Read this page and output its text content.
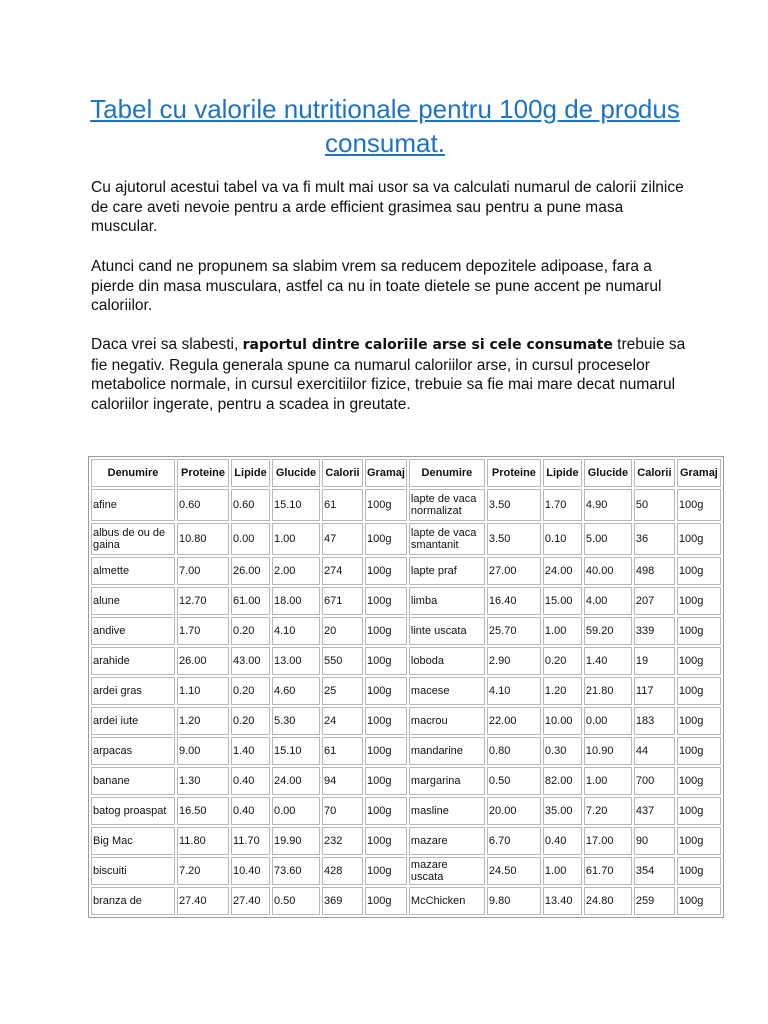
Tabel cu valorile nutritionale pentru 100g de produs consumat.

Cu ajutorul acestui tabel va va fi mult mai usor sa va calculati numarul de calorii zilnice de care aveti nevoie pentru a arde efficient grasimea sau pentru a pune masa muscular.

Atunci cand ne propunem sa slabim vrem sa reducem depozitele adipoase, fara a pierde din masa musculara, astfel ca nu in toate dietele se pune accent pe numarul caloriilor.

Daca vrei sa slabesti, raportul dintre caloriile arse si cele consumate trebuie sa fie negativ. Regula generala spune ca numarul caloriilor arse, in cursul proceselor metabolice normale, in cursul exercitiilor fizice, trebuie sa fie mai mare decat numarul caloriilor ingerate, pentru a scadea in greutate.

Denumire	Proteine	Lipide	Glucide	Calorii	Gramaj	Denumire	Proteine	Lipide	Glucide	Calorii	Gramaj
afine	0.60	0.60	15.10	61	100g	lapte de vaca normalizat	3.50	1.70	4.90	50	100g
albus de ou de gaina	10.80	0.00	1.00	47	100g	lapte de vaca smantanit	3.50	0.10	5.00	36	100g
almette	7.00	26.00	2.00	274	100g	lapte praf	27.00	24.00	40.00	498	100g
alune	12.70	61.00	18.00	671	100g	limba	16.40	15.00	4.00	207	100g
andive	1.70	0.20	4.10	20	100g	linte uscata	25.70	1.00	59.20	339	100g
arahide	26.00	43.00	13.00	550	100g	loboda	2.90	0.20	1.40	19	100g
ardei gras	1.10	0.20	4.60	25	100g	macese	4.10	1.20	21.80	117	100g
ardei iute	1.20	0.20	5.30	24	100g	macrou	22.00	10.00	0.00	183	100g
arpacas	9.00	1.40	15.10	61	100g	mandarine	0.80	0.30	10.90	44	100g
banane	1.30	0.40	24.00	94	100g	margarina	0.50	82.00	1.00	700	100g
batog proaspat	16.50	0.40	0.00	70	100g	masline	20.00	35.00	7.20	437	100g
Big Mac	11.80	11.70	19.90	232	100g	mazare	6.70	0.40	17.00	90	100g
biscuiti	7.20	10.40	73.60	428	100g	mazare uscata	24.50	1.00	61.70	354	100g
branza de	27.40	27.40	0.50	369	100g	McChicken	9.80	13.40	24.80	259	100g
